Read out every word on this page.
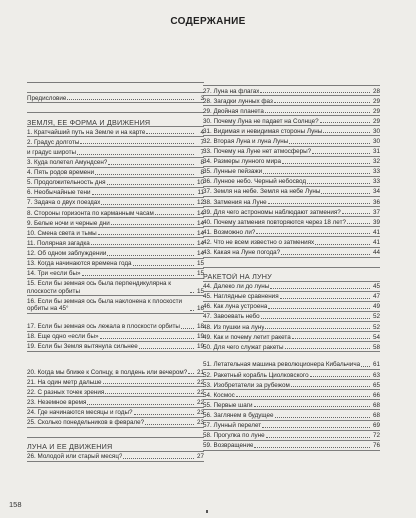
СОДЕРЖАНИЕ
Предисловие	3
ЗЕМЛЯ, ЕЕ ФОРМА И ДВИЖЕНИЯ
1. Кратчайший путь на Земле и на карте	4
2. Градус долготы	7
и градус широты	7
3. Куда полетел Амундсен?	8
4. Пять родов времени	8
5. Продолжительность дня	10
6. Необычайные тени	11
7. Задача о двух поездах	12
8. Стороны горизонта по карманным часам	14
9. Белые ночи и черные дни	14
10. Смена света и тьмы	14
11. Полярная загадка	14
12. Об одном заблуждении	14
13. Когда начинаются времена года	15
14. Три «если бы»	15
15. Если бы земная ось была перпендикулярна к плоскости орбиты	15
16. Если бы земная ось была наклонена к плоскости орбиты на 45°	16
17. Если бы земная ось лежала в плоскости орбиты	18
18. Еще одно «если бы»	19
19. Если бы Земля вытянула сильнее	19
20. Когда мы ближе к Солнцу, в полдень или вечером?	21
21. На один метр дальше	22
22. С разных точек зрения	22
23. Неземное время	22
24. Где начинаются месяцы и годы?	23
25. Сколько понедельников в феврале?	23
ЛУНА И ЕЕ ДВИЖЕНИЯ
26. Молодой или старый месяц?	27
27. Луна на флагах	28
28. Загадки лунных фаз	29
29. Двойная планета	29
30. Почему Луна не падает на Солнце?	29
31. Видимая и невидимая стороны Луны	30
32. Вторая Луна и луна Луны	30
33. Почему на Луне нет атмосферы?	31
34. Размеры лунного мира	32
35. Лунные пейзажи	33
36. Лунное небо. Черный небосвод	33
37. Земля на небе. Земля на небе Луны	34
38. Затмения на Луне	36
39. Для чего астрономы наблюдают затмения?	37
40. Почему затмения повторяются через 18 лет?	39
41. Возможно ли?	41
42. Что не всем известно о затмениях	41
43. Какая на Луне погода?	44
РАКЕТОЙ НА ЛУНУ
44. Далеко ли до луны	45
45. Наглядные сравнения	47
46. Как луна устроена	49
47. Завоевать небо	52
48. Из пушки на луну	52
49. Как и почему летит ракета	54
50. Для чего служат ракеты	58
51. Летательная машина революционера Кибальчича	61
52. Ракетный корабль Циолковского	63
53. Изобретатели за рубежом	65
54. Космос	66
55. Первые шаги	68
56. Заглянем в будущее	68
57. Лунный перелет	69
58. Прогулка по луне	72
59. Возвращение	76
158
